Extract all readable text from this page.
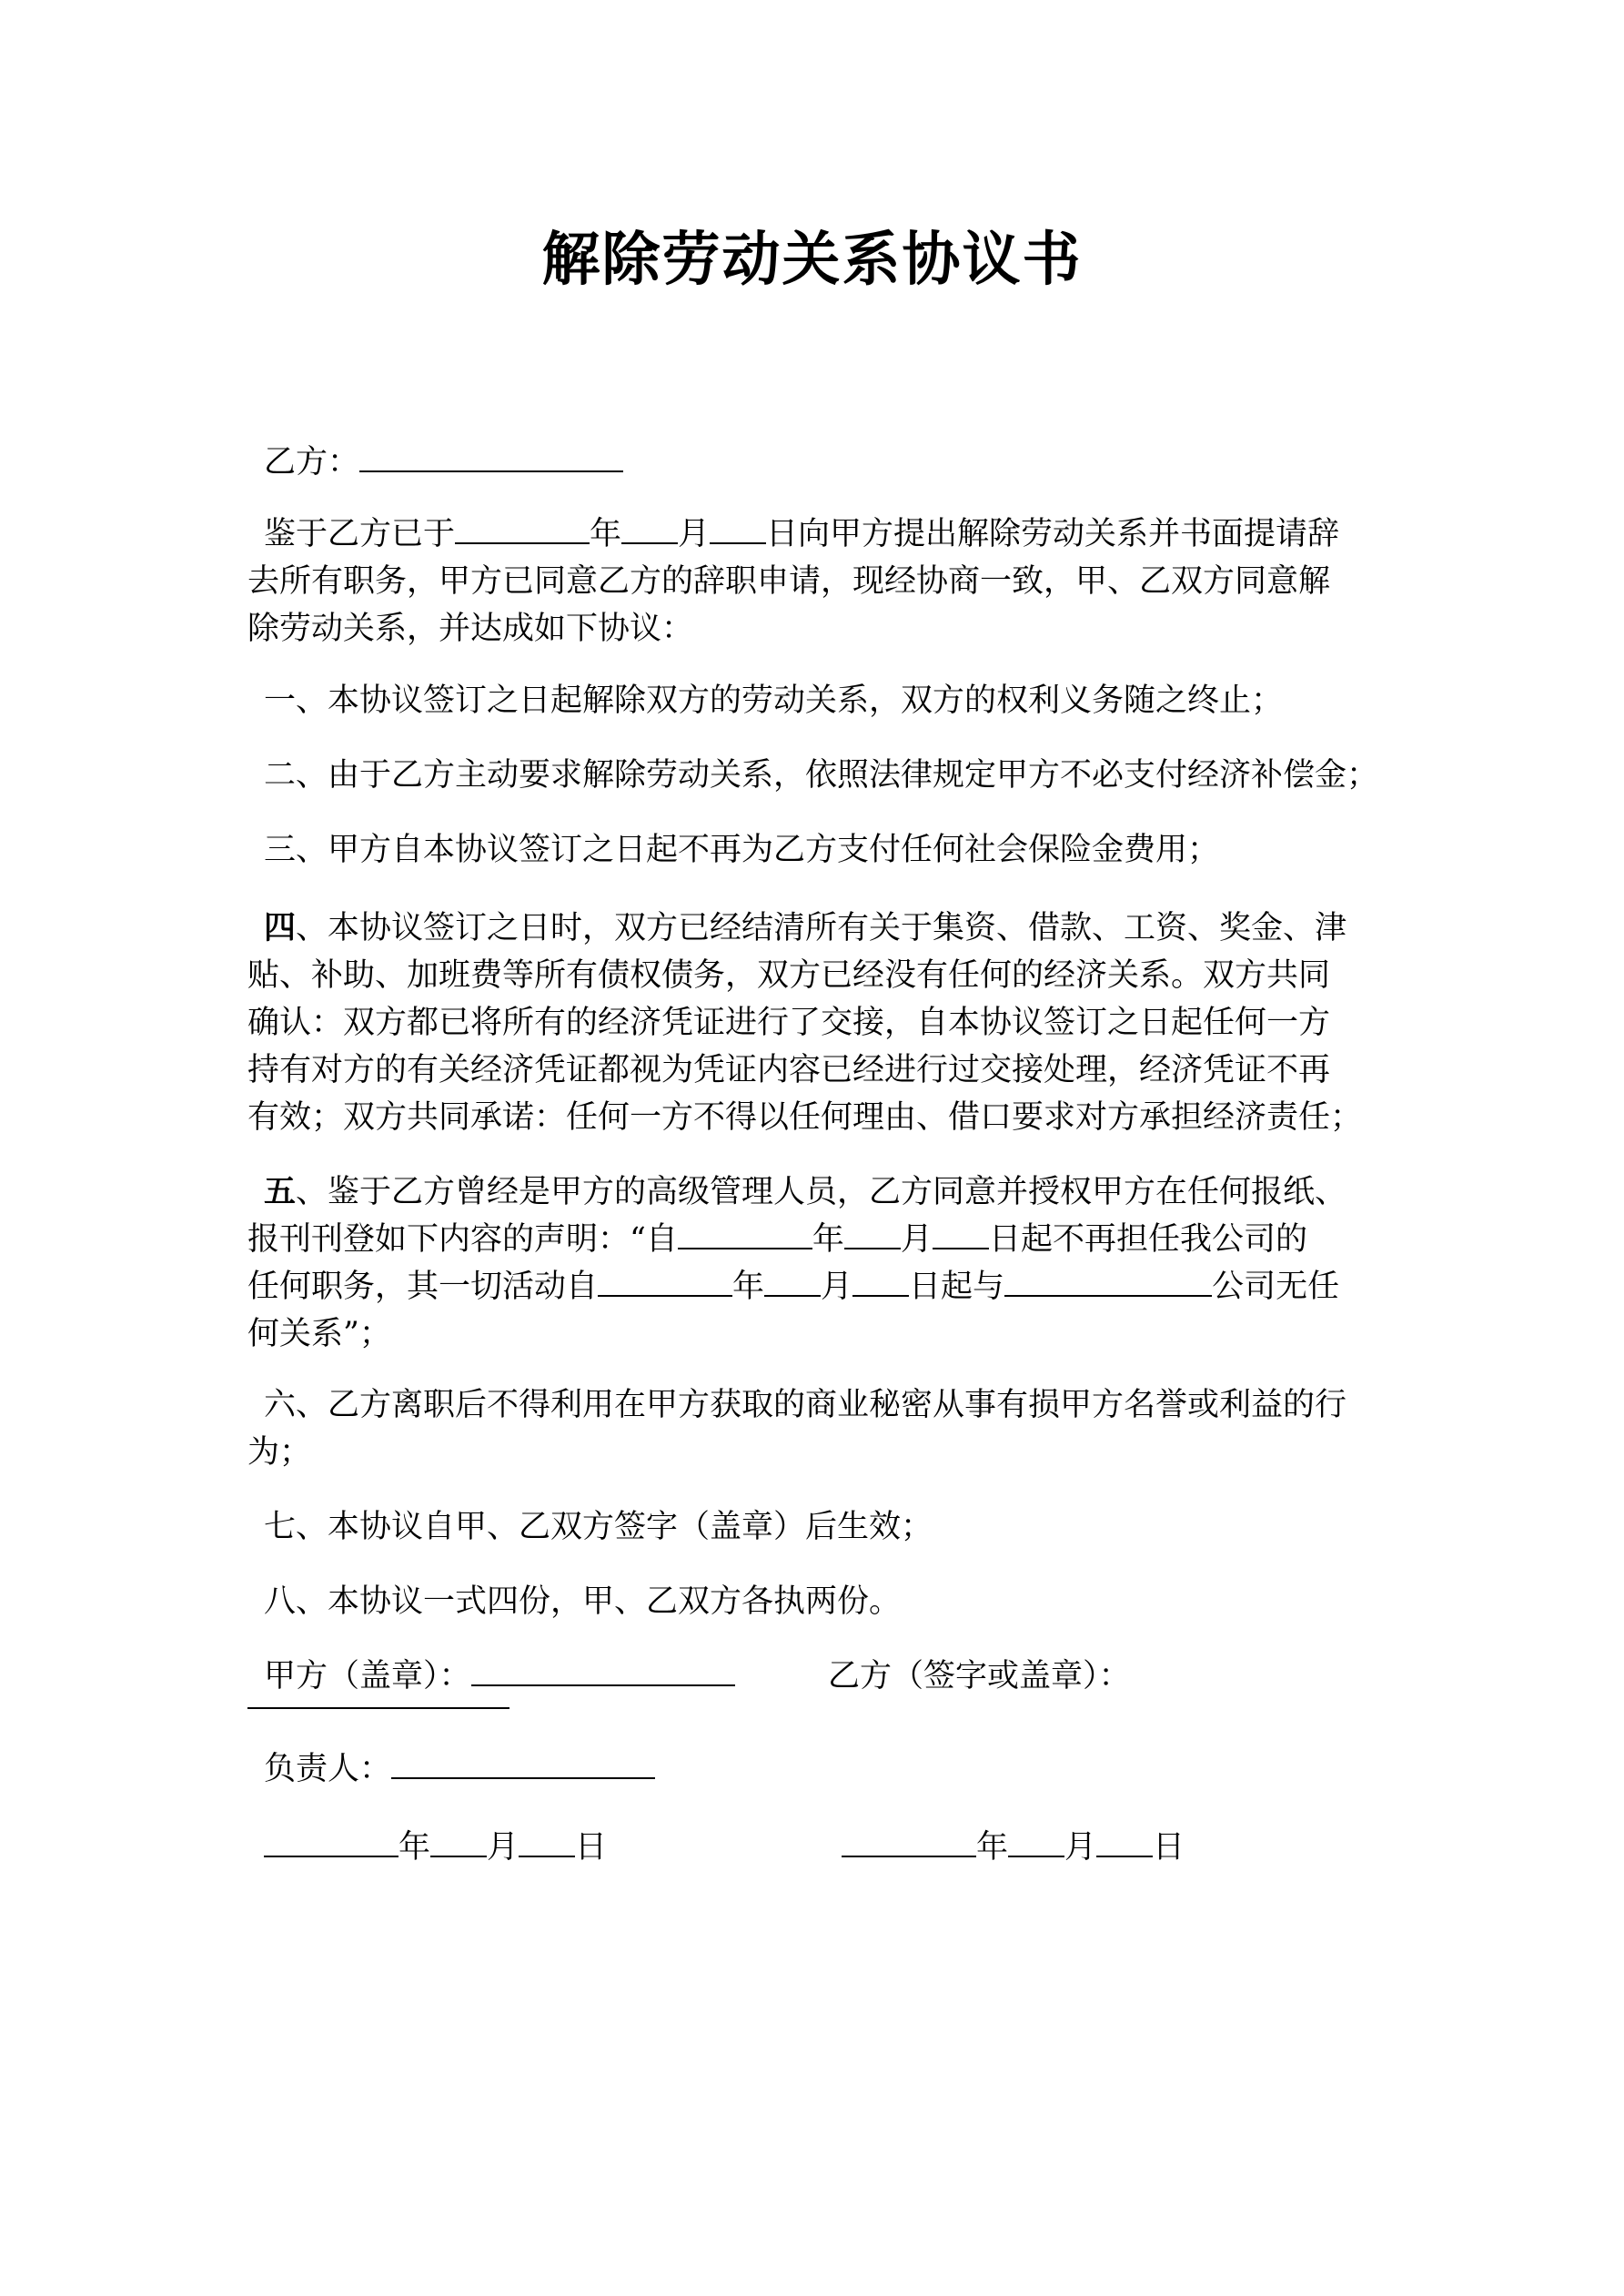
解除劳动关系协议书
乙方：
鉴于乙方已于	年 月 日向甲方提出解除劳动关系并书面提请辞
去所有职务，甲方已同意乙方的辞职申请，现经协商一致，甲、乙双方同意解
除劳动关系，并达成如下协议：
一、本协议签订之日起解除双方的劳动关系，双方的权利义务随之终止；
二、由于乙方主动要求解除劳动关系，依照法律规定甲方不必支付经济补偿金；
三、甲方自本协议签订之日起不再为乙方支付任何社会保险金费用；
四、本协议签订之日时，双方已经结清所有关于集资、借款、工资、奖金、津
贴、补助、加班费等所有债权债务，双方已经没有任何的经济关系。双方共同
确认：双方都已将所有的经济凭证进行了交接，自本协议签订之日起任何一方
持有对方的有关经济凭证都视为凭证内容已经进行过交接处理，经济凭证不再
有效；双方共同承诺：任何一方不得以任何理由、借口要求对方承担经济责任；
五、鉴于乙方曾经是甲方的高级管理人员，乙方同意并授权甲方在任何报纸、
报刊刊登如下内容的声明：“自	年 月 日起不再担任我公司的
任何职务，其一切活动自	年 月 日起与	公司无任
何关系”；
六、乙方离职后不得利用在甲方获取的商业秘密从事有损甲方名誉或利益的行
为；
七、本协议自甲、乙双方签字（盖章）后生效；
八、本协议一式四份，甲、乙双方各执两份。
甲方（盖章）：	乙方（签字或盖章）：
负责人：
年 月 日	年 月 日
